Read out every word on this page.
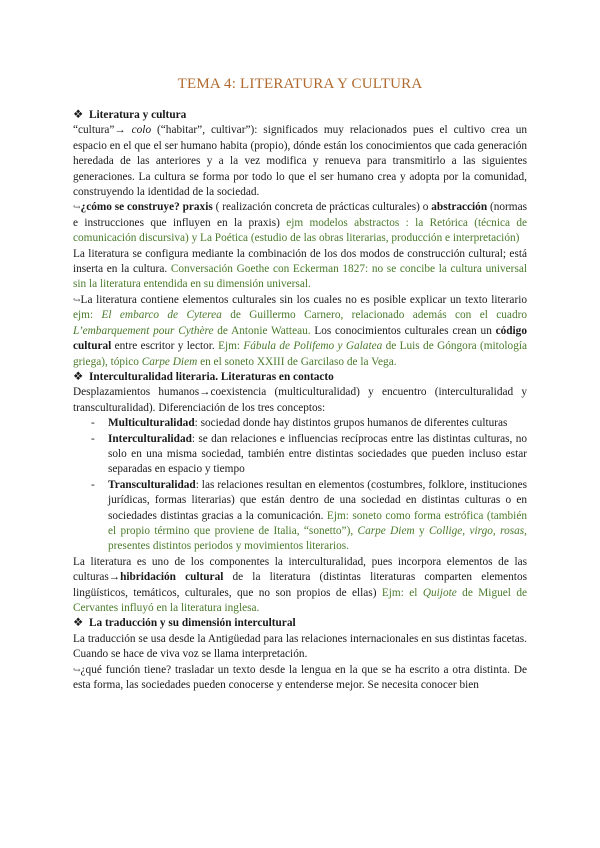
TEMA 4: LITERATURA Y CULTURA

❖ Literatura y cultura

“cultura”→ colo (“habitar”, cultivar”): significados muy relacionados pues el cultivo crea un espacio en el que el ser humano habita (propio), dónde están los conocimientos que cada generación heredada de las anteriores y a la vez modifica y renueva para transmitirlo a las siguientes generaciones. La cultura se forma por todo lo que el ser humano crea y adopta por la comunidad, construyendo la identidad de la sociedad.

↪¿cómo se construye? praxis ( realización concreta de prácticas culturales) o abstracción (normas e instrucciones que influyen en la praxis) ejm modelos abstractos : la Retórica (técnica de comunicación discursiva) y La Poética (estudio de las obras literarias, producción e interpretación)

La literatura se configura mediante la combinación de los dos modos de construcción cultural; está inserta en la cultura. Conversación Goethe con Eckerman 1827: no se concibe la cultura universal sin la literatura entendida en su dimensión universal.

↪La literatura contiene elementos culturales sin los cuales no es posible explicar un texto literario ejm: El embarco de Cyterea de Guillermo Carnero, relacionado además con el cuadro L’embarquement pour Cythère de Antonie Watteau. Los conocimientos culturales crean un código cultural entre escritor y lector. Ejm: Fábula de Polifemo y Galatea de Luis de Góngora (mitología griega), tópico Carpe Diem en el soneto XXIII de Garcilaso de la Vega.

❖ Interculturalidad literaria. Literaturas en contacto

Desplazamientos humanos→coexistencia (multiculturalidad) y encuentro (interculturalidad y transculturalidad). Diferenciación de los tres conceptos:

- Multiculturalidad: sociedad donde hay distintos grupos humanos de diferentes culturas
- Interculturalidad: se dan relaciones e influencias recíprocas entre las distintas culturas, no solo en una misma sociedad, también entre distintas sociedades que pueden incluso estar separadas en espacio y tiempo
- Transculturalidad: las relaciones resultan en elementos (costumbres, folklore, instituciones jurídicas, formas literarias) que están dentro de una sociedad en distintas culturas o en sociedades distintas gracias a la comunicación. Ejm: soneto como forma estrófica (también el propio término que proviene de Italia, “sonetto”), Carpe Diem y Collige, virgo, rosas, presentes distintos periodos y movimientos literarios.

La literatura es uno de los componentes la interculturalidad, pues incorpora elementos de las culturas→hibridación cultural de la literatura (distintas literaturas comparten elementos lingüísticos, temáticos, culturales, que no son propios de ellas) Ejm: el Quijote de Miguel de Cervantes influyó en la literatura inglesa.

❖ La traducción y su dimensión intercultural

La traducción se usa desde la Antigüedad para las relaciones internacionales en sus distintas facetas. Cuando se hace de viva voz se llama interpretación.

↪¿qué función tiene? trasladar un texto desde la lengua en la que se ha escrito a otra distinta. De esta forma, las sociedades pueden conocerse y entenderse mejor. Se necesita conocer bien
